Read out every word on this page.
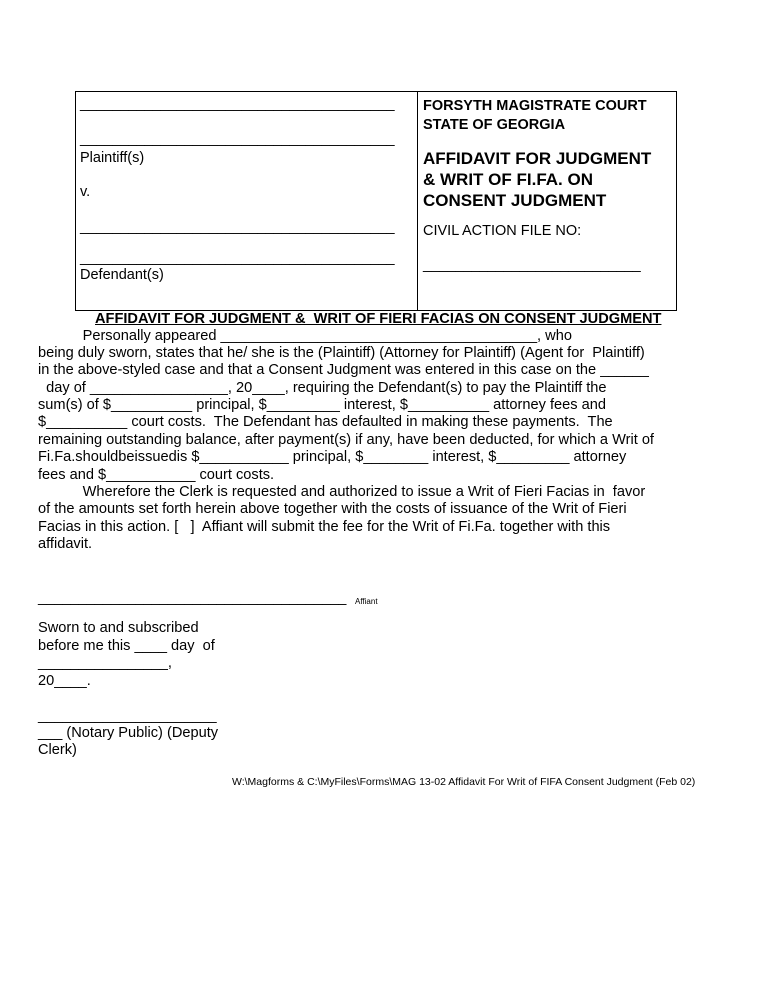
_______________________________________
_______________________________________
Plaintiff(s)
v.
_______________________________________
_______________________________________
Defendant(s)
FORSYTH MAGISTRATE COURT
STATE OF GEORGIA
AFFIDAVIT FOR JUDGMENT
& WRIT OF FI.FA. ON
CONSENT JUDGMENT
CIVIL ACTION FILE NO:
___________________________
AFFIDAVIT FOR JUDGMENT &  WRIT OF FIERI FACIAS ON CONSENT JUDGMENT
Personally appeared _______________________________________, who
being duly sworn, states that he/ she is the (Plaintiff) (Attorney for Plaintiff) (Agent for  Plaintiff)
in the above-styled case and that a Consent Judgment was entered in this case on the ______
day of _________________, 20____, requiring the Defendant(s) to pay the Plaintiff the
sum(s) of $__________ principal, $_________ interest, $__________ attorney fees and
$__________ court costs.  The Defendant has defaulted in making these payments.  The
remaining outstanding balance, after payment(s) if any, have been deducted, for which a Writ of
Fi.Fa.shouldbeissuedis $___________ principal, $________ interest, $_________ attorney
fees and $___________ court costs.
Wherefore the Clerk is requested and authorized to issue a Writ of Fieri Facias in  favor
of the amounts set forth herein above together with the costs of issuance of the Writ of Fieri
Facias in this action. [   ]  Affiant will submit the fee for the Writ of Fi.Fa. together with this
affidavit.
______________________________________ Affiant
Sworn to and subscribed
before me this ____ day  of
________________,
20____.
______________________
___ (Notary Public) (Deputy
Clerk)
W:\Magforms & C:\MyFiles\Forms\MAG 13-02 Affidavit For Writ of FIFA Consent Judgment (Feb 02)
